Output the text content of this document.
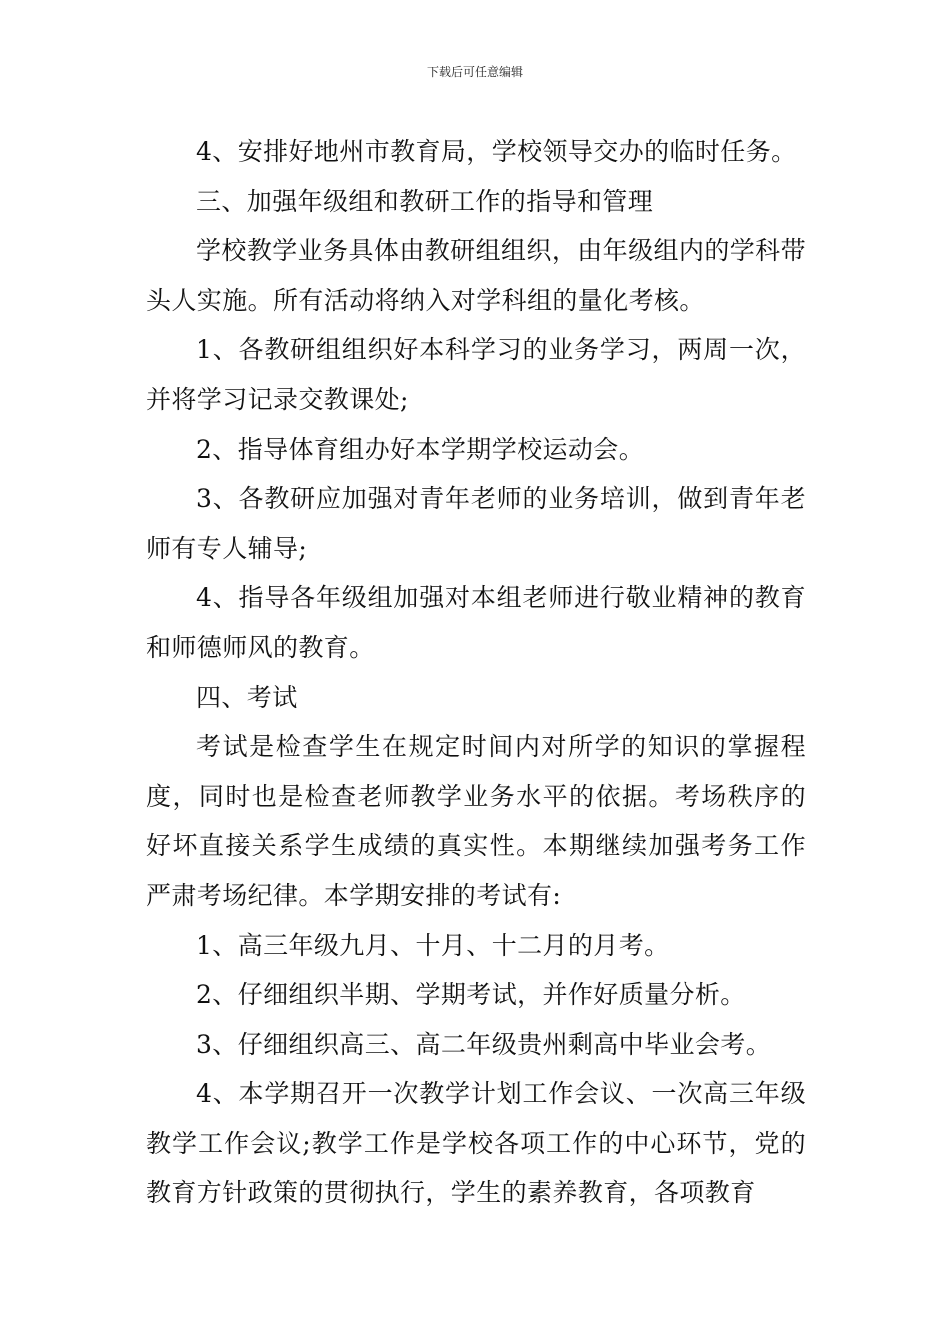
下载后可任意编辑

4、安排好地州市教育局，学校领导交办的临时任务。

三、加强年级组和教研工作的指导和管理

学校教学业务具体由教研组组织，由年级组内的学科带头人实施。所有活动将纳入对学科组的量化考核。

1、各教研组组织好本科学习的业务学习，两周一次，并将学习记录交教课处;

2、指导体育组办好本学期学校运动会。

3、各教研应加强对青年老师的业务培训，做到青年老师有专人辅导;

4、指导各年级组加强对本组老师进行敬业精神的教育和师德师风的教育。

四、考试

考试是检查学生在规定时间内对所学的知识的掌握程度，同时也是检查老师教学业务水平的依据。考场秩序的好坏直接关系学生成绩的真实性。本期继续加强考务工作严肃考场纪律。本学期安排的考试有:

1、高三年级九月、十月、十二月的月考。

2、仔细组织半期、学期考试，并作好质量分析。

3、仔细组织高三、高二年级贵州剩高中毕业会考。

4、本学期召开一次教学计划工作会议、一次高三年级教学工作会议;教学工作是学校各项工作的中心环节，党的教育方针政策的贯彻执行，学生的素养教育，各项教育
